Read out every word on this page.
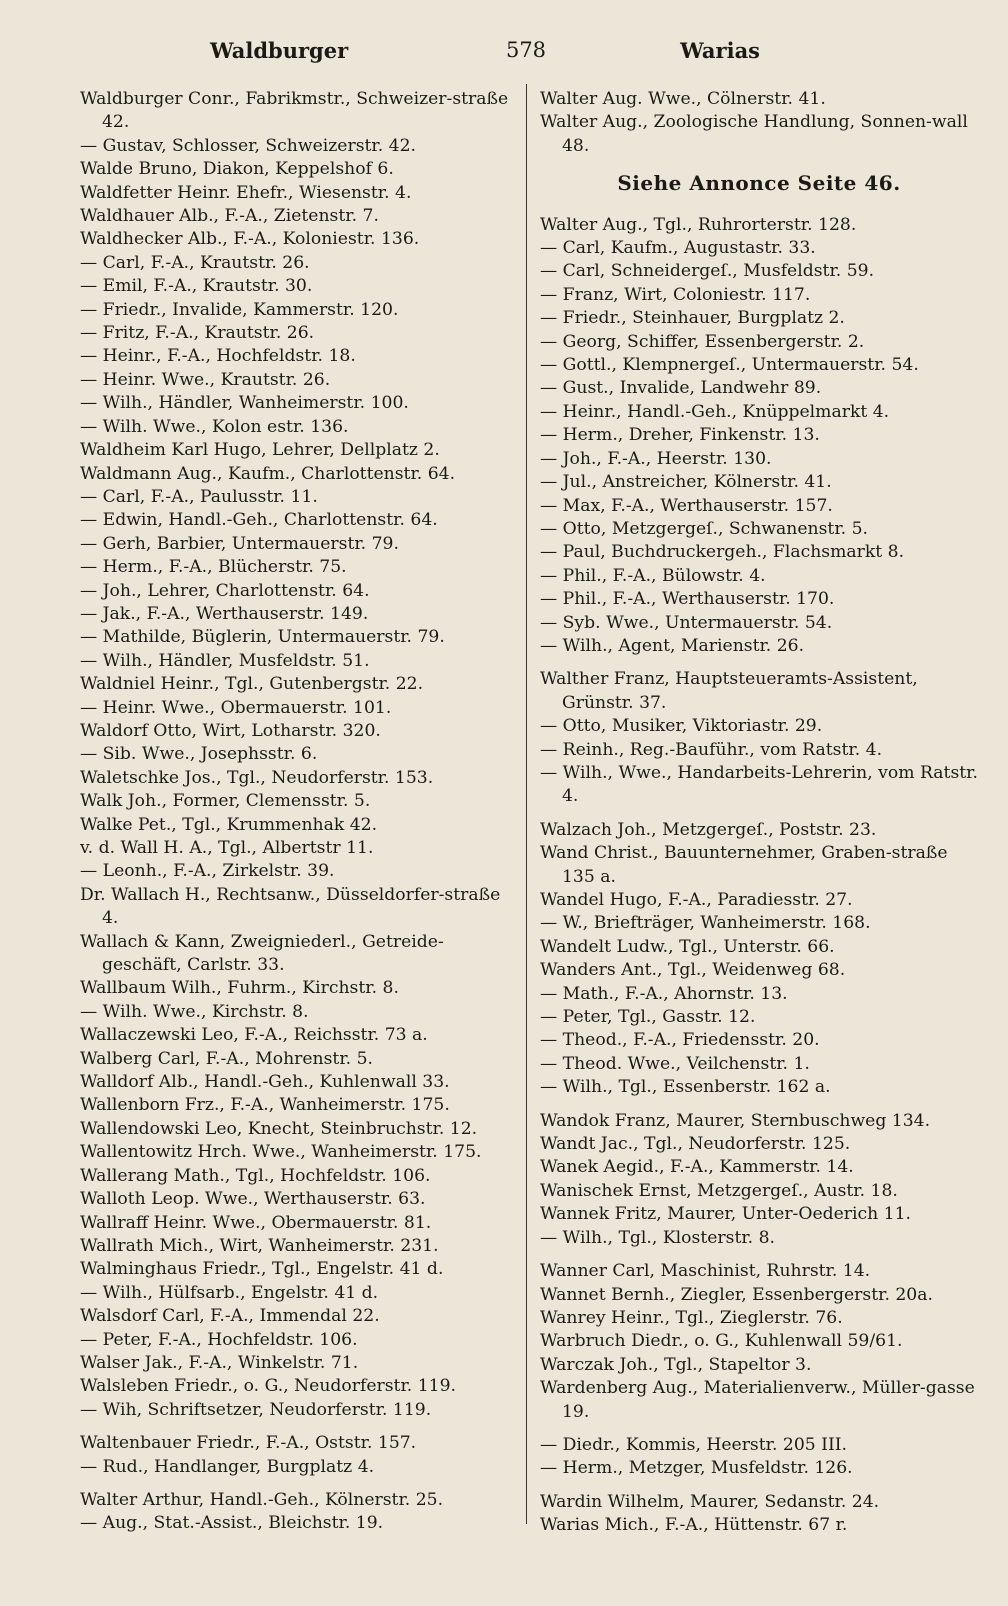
578
Waldburger	Warias
Waldburger Conr., Fabrikmstr., Schweizer-straße 42.
— Gustav, Schlosser, Schweizerstr. 42.
Walde Bruno, Diakon, Keppelshof 6.
Waldfetter Heinr. Ehefr., Wiesenstr. 4.
Waldhauer Alb., F.-A., Zietenstr. 7.
Waldhecker Alb., F.-A., Koloniestr. 136.
— Carl, F.-A., Krautstr. 26.
— Emil, F.-A., Krautstr. 30.
— Friedr., Invalide, Kammerstr. 120.
— Fritz, F.-A., Krautstr. 26.
— Heinr., F.-A., Hochfeldstr. 18.
— Heinr. Wwe., Krautstr. 26.
— Wilh., Händler, Wanheimerstr. 100.
— Wilh. Wwe., Kolon estr. 136.
Waldheim Karl Hugo, Lehrer, Dellplatz 2.
Waldmann Aug., Kaufm., Charlottenstr. 64.
— Carl, F.-A., Paulusstr. 11.
— Edwin, Handl.-Geh., Charlottenstr. 64.
— Gerh, Barbier, Untermauerstr. 79.
— Herm., F.-A., Blücherstr. 75.
— Joh., Lehrer, Charlottenstr. 64.
— Jak., F.-A., Werthauserstr. 149.
— Mathilde, Büglerin, Untermauerstr. 79.
— Wilh., Händler, Musfeldstr. 51.
Waldniel Heinr., Tgl., Gutenbergstr. 22.
— Heinr. Wwe., Obermauerstr. 101.
Waldorf Otto, Wirt, Lotharstr. 320.
— Sib. Wwe., Josephsstr. 6.
Waletschke Jos., Tgl., Neudorferstr. 153.
Walk Joh., Former, Clemensstr. 5.
Walke Pet., Tgl., Krummenhak 42.
v. d. Wall H. A., Tgl., Albertstr 11.
— Leonh., F.-A., Zirkelstr. 39.
Dr. Wallach H., Rechtsanw., Düsseldorfer-straße 4.
Wallach & Kann, Zweigniederl., Getreide-geschäft, Carlstr. 33.
Wallbaum Wilh., Fuhrm., Kirchstr. 8.
— Wilh. Wwe., Kirchstr. 8.
Wallaczewski Leo, F.-A., Reichsstr. 73 a.
Walberg Carl, F.-A., Mohrenstr. 5.
Walldorf Alb., Handl.-Geh., Kuhlenwall 33.
Wallenborn Frz., F.-A., Wanheimerstr. 175.
Wallendowski Leo, Knecht, Steinbruchstr. 12.
Wallentowitz Hrch. Wwe., Wanheimerstr. 175.
Wallerang Math., Tgl., Hochfeldstr. 106.
Walloth Leop. Wwe., Werthauserstr. 63.
Wallraff Heinr. Wwe., Obermauerstr. 81.
Wallrath Mich., Wirt, Wanheimerstr. 231.
Walminghaus Friedr., Tgl., Engelstr. 41 d.
— Wilh., Hülfsarb., Engelstr. 41 d.
Walsdorf Carl, F.-A., Immendal 22.
— Peter, F.-A., Hochfeldstr. 106.
Walser Jak., F.-A., Winkelstr. 71.
Walsleben Friedr., o. G., Neudorferstr. 119.
— Wih, Schriftsetzer, Neudorferstr. 119.
Waltenbauer Friedr., F.-A., Oststr. 157.
— Rud., Handlanger, Burgplatz 4.
Walter Arthur, Handl.-Geh., Kölnerstr. 25.
— Aug., Stat.-Assist., Bleichstr. 19.
Walter Aug. Wwe., Cölnerstr. 41.
Walter Aug., Zoologische Handlung, Sonnen-wall 48.
Siehe Annonce Seite 46.
Walter Aug., Tgl., Ruhrorterstr. 128.
— Carl, Kaufm., Augustastr. 33.
— Carl, Schneidergeſ., Musfeldstr. 59.
— Franz, Wirt, Coloniestr. 117.
— Friedr., Steinhauer, Burgplatz 2.
— Georg, Schiffer, Essenbergerstr. 2.
— Gottl., Klempnergeſ., Untermauerstr. 54.
— Gust., Invalide, Landwehr 89.
— Heinr., Handl.-Geh., Knüppelmarkt 4.
— Herm., Dreher, Finkenstr. 13.
— Joh., F.-A., Heerstr. 130.
— Jul., Anstreicher, Kölnerstr. 41.
— Max, F.-A., Werthauserstr. 157.
— Otto, Metzgergeſ., Schwanenstr. 5.
— Paul, Buchdruckergeh., Flachsmarkt 8.
— Phil., F.-A., Bülowstr. 4.
— Phil., F.-A., Werthauserstr. 170.
— Syb. Wwe., Untermauerstr. 54.
— Wilh., Agent, Marienstr. 26.
Walther Franz, Hauptsteueramts-Assistent, Grünstr. 37.
— Otto, Musiker, Viktoriastr. 29.
— Reinh., Reg.-Bauführ., vom Ratstr. 4.
— Wilh., Wwe., Handarbeits-Lehrerin, vom Ratstr. 4.
Walzach Joh., Metzgergeſ., Poststr. 23.
Wand Christ., Bauunternehmer, Graben-straße 135 a.
Wandel Hugo, F.-A., Paradiesstr. 27.
— W., Briefträger, Wanheimerstr. 168.
Wandelt Ludw., Tgl., Unterstr. 66.
Wanders Ant., Tgl., Weidenweg 68.
— Math., F.-A., Ahornstr. 13.
— Peter, Tgl., Gasstr. 12.
— Theod., F.-A., Friedensstr. 20.
— Theod. Wwe., Veilchenstr. 1.
— Wilh., Tgl., Essenberstr. 162 a.
Wandok Franz, Maurer, Sternbuschweg 134.
Wandt Jac., Tgl., Neudorferstr. 125.
Wanek Aegid., F.-A., Kammerstr. 14.
Wanischek Ernst, Metzgergeſ., Austr. 18.
Wannek Fritz, Maurer, Unter-Oederich 11.
— Wilh., Tgl., Klosterstr. 8.
Wanner Carl, Maschinist, Ruhrstr. 14.
Wannet Bernh., Ziegler, Essenbergerstr. 20a.
Wanrey Heinr., Tgl., Zieglerstr. 76.
Warbruch Diedr., o. G., Kuhlenwall 59/61.
Warczak Joh., Tgl., Stapeltor 3.
Wardenberg Aug., Materialienverw., Müller-gasse 19.
— Diedr., Kommis, Heerstr. 205 III.
— Herm., Metzger, Musfeldstr. 126.
Wardin Wilhelm, Maurer, Sedanstr. 24.
Warias Mich., F.-A., Hüttenstr. 67 r.
